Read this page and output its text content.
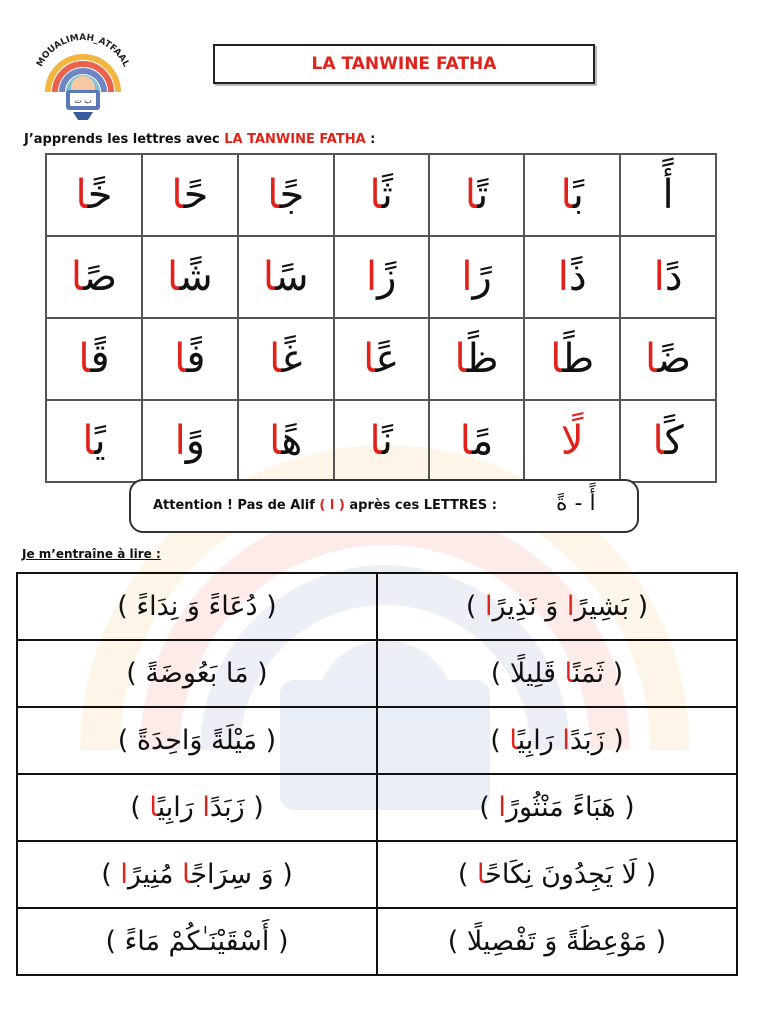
ب ت
MOUALIMAH_ATFAAL	LA TANWINE FATHA
J’apprends les lettres avec LA TANWINE FATHA :
أ	بًا	تًا	ثًا	جًا	حًا	خًا
دًا	ذًا	رًا	زًا	سًا	شًا	صًا
ضًا	طًا	ظًا	عًا	غًا	فًا	قًا
كًا	لًا	مًا	نًا	هًا	وًا	يًا
Attention ! Pas de Alif ( ا ) après ces LETTRES :	أً - ةً
Je m’entraîne à lire :
( بَشِيرًا وَ نَذِيرًا )	( دُعَاءً وَ نِدَاءً )
( ثَمَنًا قَلِيلً )	( مَا بَعُوضَةً )
( زَبَدًا رَابِيًا )	( مَيْلَةً وَاحِدَةً )
( هَبَاءً مَنْثُورًا )	( زَبَدًا رَابِيًا )
( لَا يَجِدُونَ نِكَاحًا )	( وَ سِرَاجًا مُنِيرًا )
( مَوْعِظَةً وَ تَفْصِيلً )	( أَسْقَيْنَـٰكُمْ مَاءً )
